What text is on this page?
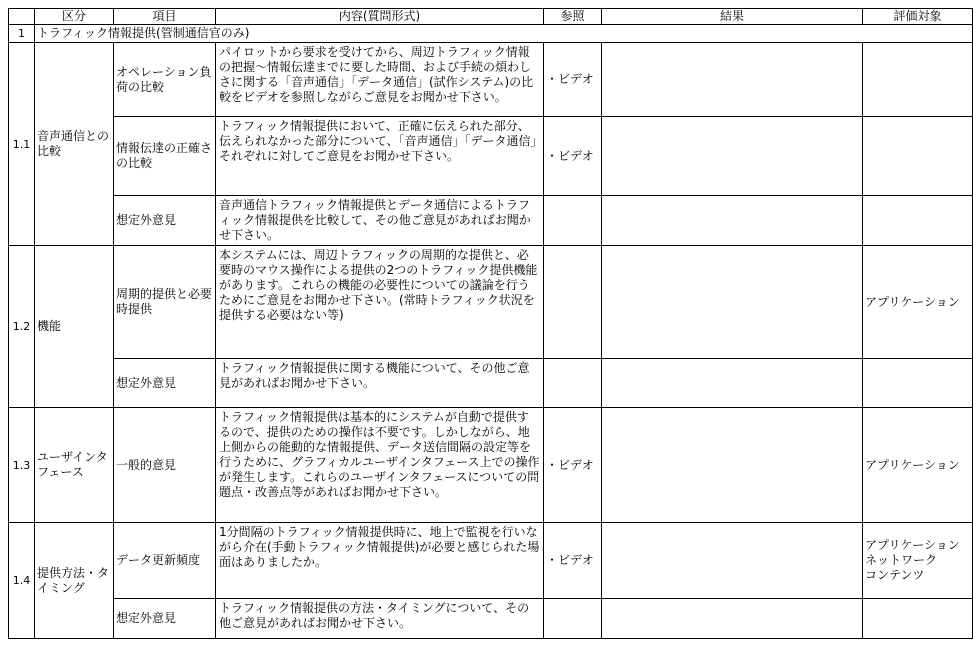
	区分	項目	内容(質問形式)	参照	結果	評価対象
1	トラフィック情報提供(管制通信官のみ)					
1.1	音声通信との比較	オペレーション負荷の比較	パイロットから要求を受けてから、周辺トラフィック情報の把握～情報伝達までに要した時間、および手続の煩わしさに関する「音声通信」「データ通信」(試作システム)の比較をビデオを参照しながらご意見をお聞かせ下さい。	・ビデオ		
		情報伝達の正確さの比較	トラフィック情報提供において、正確に伝えられた部分、伝えられなかった部分について、「音声通信」「データ通信」それぞれに対してご意見をお聞かせ下さい。	・ビデオ		
		想定外意見	音声通信トラフィック情報提供とデータ通信によるトラフィック情報提供を比較して、その他ご意見があればお聞かせ下さい。			
1.2	機能	周期的提供と必要時提供	本システムには、周辺トラフィックの周期的な提供と、必要時のマウス操作による提供の2つのトラフィック提供機能があります。これらの機能の必要性についての議論を行うためにご意見をお聞かせ下さい。(常時トラフィック状況を提供する必要はない等)			アプリケーション
		想定外意見	トラフィック情報提供に関する機能について、その他ご意見があればお聞かせ下さい。			
1.3	ユーザインタフェース	一般的意見	トラフィック情報提供は基本的にシステムが自動で提供するので、提供のための操作は不要です。しかしながら、地上側からの能動的な情報提供、データ送信間隔の設定等を行うために、グラフィカルユーザインタフェース上での操作が発生します。これらのユーザインタフェースについての問題点・改善点等があればお聞かせ下さい。	・ビデオ		アプリケーション
1.4	提供方法・タイミング	データ更新頻度	1分間隔のトラフィック情報提供時に、地上で監視を行いながら介在(手動トラフィック情報提供)が必要と感じられた場面はありましたか。	・ビデオ		アプリケーション
ネットワーク
コンテンツ
		想定外意見	トラフィック情報提供の方法・タイミングについて、その他ご意見があればお聞かせ下さい。			
